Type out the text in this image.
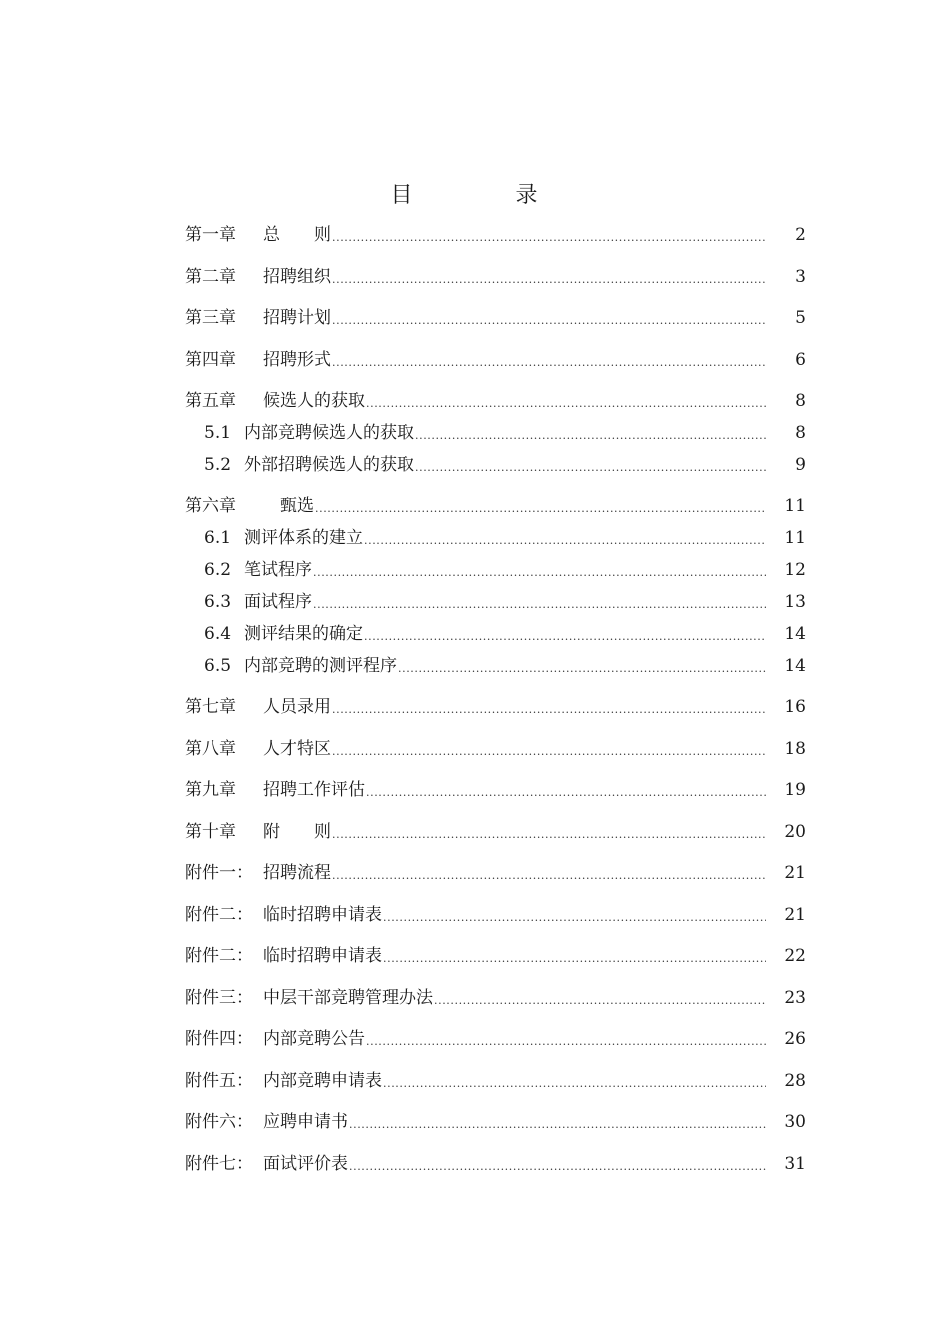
目 录
第一章	总　　则 .....	2
第二章	招聘组织 .....	3
第三章	招聘计划 .....	5
第四章	招聘形式 .....	6
第五章	候选人的获取 .....	8
5.1 内部竞聘候选人的获取 .....	8
5.2 外部招聘候选人的获取 .....	9
第六章	　甄选 .....	11
6.1 测评体系的建立 .....	11
6.2 笔试程序 .....	12
6.3 面试程序 .....	13
6.4 测评结果的确定 .....	14
6.5 内部竞聘的测评程序 .....	14
第七章	人员录用 .....	16
第八章	人才特区 .....	18
第九章	招聘工作评估 .....	19
第十章	附　　则 .....	20
附件一： 招聘流程 .....	21
附件二： 临时招聘申请表 .....	21
附件二： 临时招聘申请表 .....	22
附件三： 中层干部竞聘管理办法 .....	23
附件四： 内部竞聘公告 .....	26
附件五： 内部竞聘申请表 .....	28
附件六： 应聘申请书 .....	30
附件七： 面试评价表 .....	31
